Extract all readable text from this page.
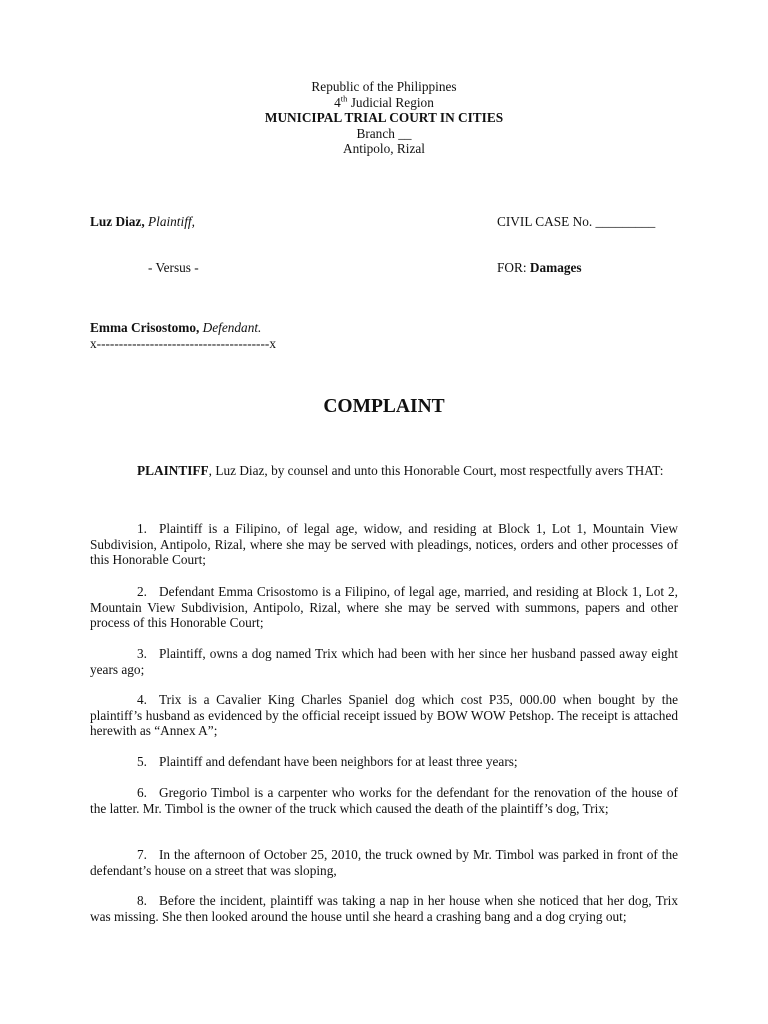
Republic of the Philippines
4th Judicial Region
MUNICIPAL TRIAL COURT IN CITIES
Branch __
Antipolo, Rizal
Luz Diaz, Plaintiff,	CIVIL CASE No. _________
- Versus -	FOR: Damages
Emma Crisostomo, Defendant.
x---------------------------------------x
COMPLAINT
PLAINTIFF, Luz Diaz, by counsel and unto this Honorable Court, most respectfully avers THAT:
1. Plaintiff is a Filipino, of legal age, widow, and residing at Block 1, Lot 1, Mountain View Subdivision, Antipolo, Rizal, where she may be served with pleadings, notices, orders and other processes of this Honorable Court;
2. Defendant Emma Crisostomo is a Filipino, of legal age, married, and residing at Block 1, Lot 2, Mountain View Subdivision, Antipolo, Rizal, where she may be served with summons, papers and other process of this Honorable Court;
3. Plaintiff, owns a dog named Trix which had been with her since her husband passed away eight years ago;
4. Trix is a Cavalier King Charles Spaniel dog which cost P35, 000.00 when bought by the plaintiff’s husband as evidenced by the official receipt issued by BOW WOW Petshop. The receipt is attached herewith as “Annex A”;
5. Plaintiff and defendant have been neighbors for at least three years;
6. Gregorio Timbol is a carpenter who works for the defendant for the renovation of the house of the latter. Mr. Timbol is the owner of the truck which caused the death of the plaintiff’s dog, Trix;
7. In the afternoon of October 25, 2010, the truck owned by Mr. Timbol was parked in front of the defendant’s house on a street that was sloping,
8. Before the incident, plaintiff was taking a nap in her house when she noticed that her dog, Trix was missing. She then looked around the house until she heard a crashing bang and a dog crying out;
